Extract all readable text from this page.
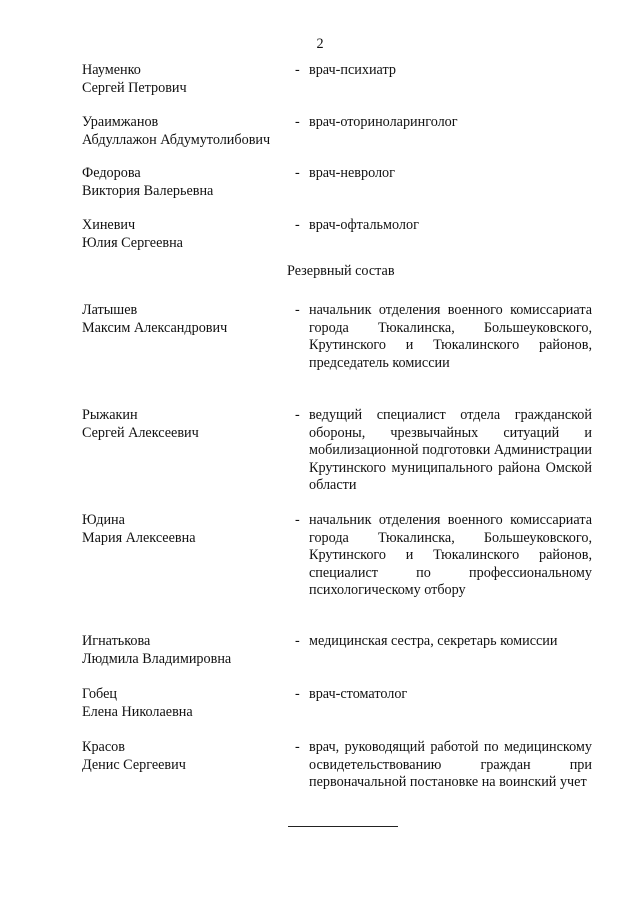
2
Науменко
Сергей Петрович
- врач-психиатр
Ураимжанов
Абдуллажон Абдумутолибович
- врач-оториноларинголог
Федорова
Виктория Валерьевна
- врач-невролог
Хиневич
Юлия Сергеевна
- врач-офтальмолог
Резервный состав
Латышев
Максим Александрович
- начальник отделения военного комиссариата города Тюкалинска, Большеуковского, Крутинского и Тюкалинского районов, председатель комиссии
Рыжакин
Сергей Алексеевич
- ведущий специалист отдела гражданской обороны, чрезвычайных ситуаций и мобилизационной подготовки Администрации Крутинского муниципального района Омской области
Юдина
Мария Алексеевна
- начальник отделения военного комиссариата города Тюкалинска, Большеуковского, Крутинского и Тюкалинского районов, специалист по профессиональному психологическому отбору
Игнатькова
Людмила Владимировна
- медицинская сестра, секретарь комиссии
Гобец
Елена Николаевна
- врач-стоматолог
Красов
Денис Сергеевич
- врач, руководящий работой по медицинскому освидетельствованию граждан при первоначальной постановке на воинский учет
